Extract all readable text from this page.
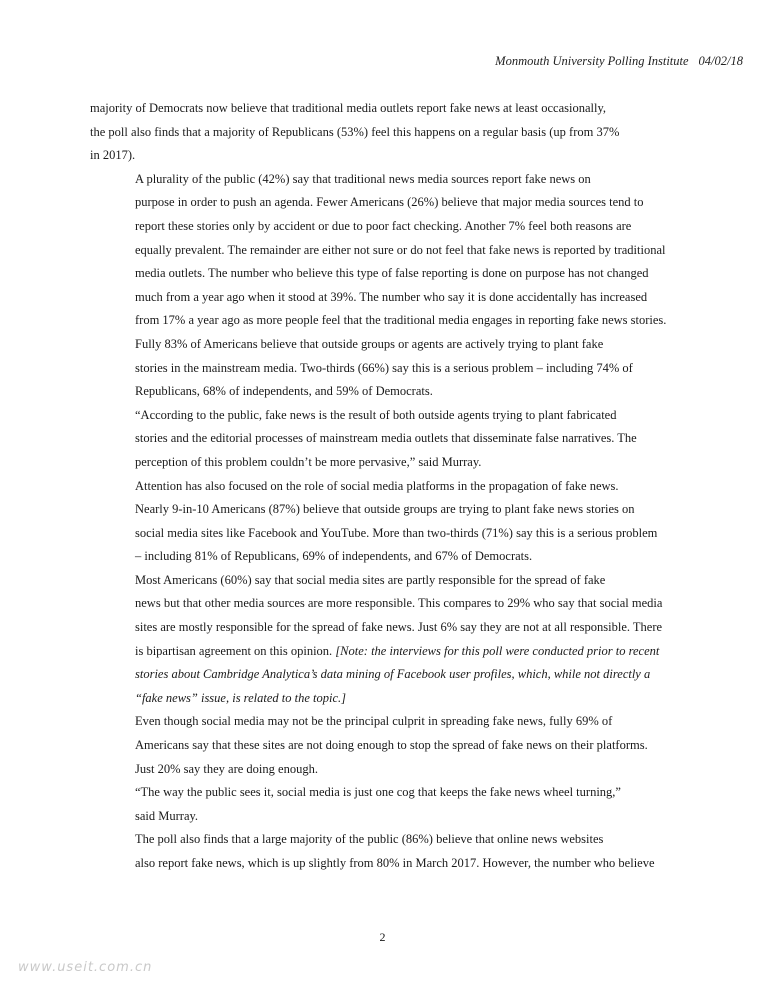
Monmouth University Polling Institute 04/02/18

majority of Democrats now believe that traditional media outlets report fake news at least occasionally,
the poll also finds that a majority of Republicans (53%) feel this happens on a regular basis (up from 37%
in 2017).

A plurality of the public (42%) say that traditional news media sources report fake news on
purpose in order to push an agenda. Fewer Americans (26%) believe that major media sources tend to
report these stories only by accident or due to poor fact checking. Another 7% feel both reasons are
equally prevalent. The remainder are either not sure or do not feel that fake news is reported by traditional
media outlets. The number who believe this type of false reporting is done on purpose has not changed
much from a year ago when it stood at 39%. The number who say it is done accidentally has increased
from 17% a year ago as more people feel that the traditional media engages in reporting fake news stories.

Fully 83% of Americans believe that outside groups or agents are actively trying to plant fake
stories in the mainstream media. Two-thirds (66%) say this is a serious problem – including 74% of
Republicans, 68% of independents, and 59% of Democrats.

“According to the public, fake news is the result of both outside agents trying to plant fabricated
stories and the editorial processes of mainstream media outlets that disseminate false narratives. The
perception of this problem couldn’t be more pervasive,” said Murray.

Attention has also focused on the role of social media platforms in the propagation of fake news.
Nearly 9-in-10 Americans (87%) believe that outside groups are trying to plant fake news stories on
social media sites like Facebook and YouTube. More than two-thirds (71%) say this is a serious problem
– including 81% of Republicans, 69% of independents, and 67% of Democrats.

Most Americans (60%) say that social media sites are partly responsible for the spread of fake
news but that other media sources are more responsible. This compares to 29% who say that social media
sites are mostly responsible for the spread of fake news. Just 6% say they are not at all responsible. There
is bipartisan agreement on this opinion. [Note: the interviews for this poll were conducted prior to recent
stories about Cambridge Analytica’s data mining of Facebook user profiles, which, while not directly a
“fake news” issue, is related to the topic.]

Even though social media may not be the principal culprit in spreading fake news, fully 69% of
Americans say that these sites are not doing enough to stop the spread of fake news on their platforms.
Just 20% say they are doing enough.

“The way the public sees it, social media is just one cog that keeps the fake news wheel turning,”
said Murray.

The poll also finds that a large majority of the public (86%) believe that online news websites
also report fake news, which is up slightly from 80% in March 2017. However, the number who believe

2
www.useit.com.cn
